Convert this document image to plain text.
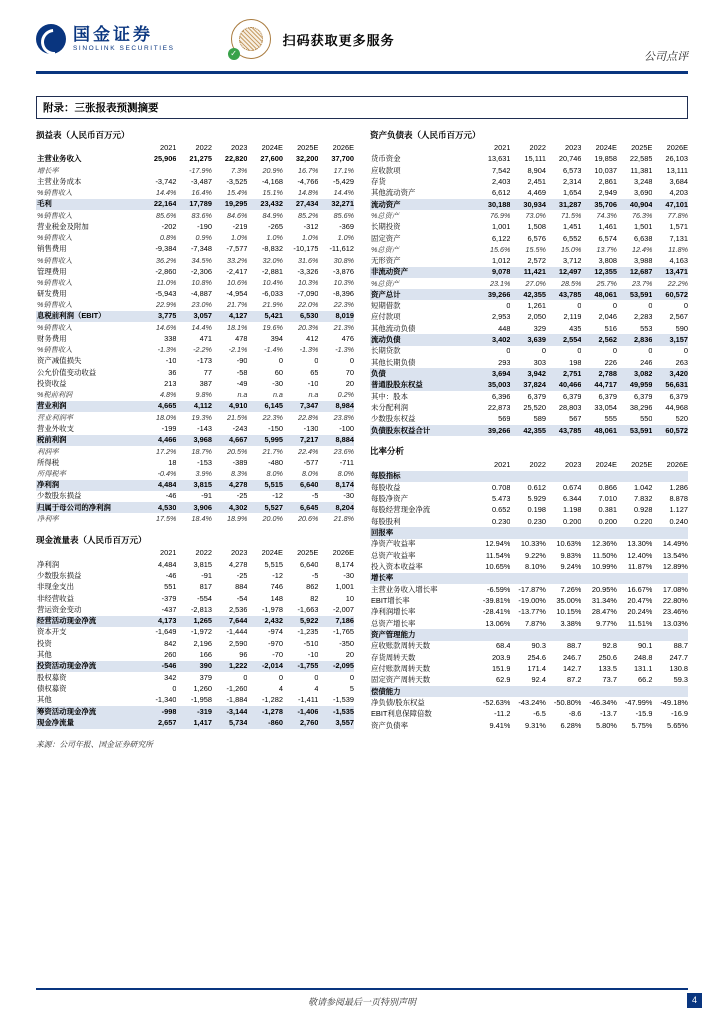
国金证券
SINOLINK SECURITIES
✓
扫码获取更多服务
公司点评
附录：三张报表预测摘要
损益表（人民币百万元）
	2021	2022	2023	2024E	2025E	2026E
主营业务收入	25,906	21,275	22,820	27,600	32,200	37,700
增长率		-17.9%	7.3%	20.9%	16.7%	17.1%
主营业务成本	-3,742	-3,487	-3,525	-4,168	-4,766	-5,429
%销售收入	14.4%	16.4%	15.4%	15.1%	14.8%	14.4%
毛利	22,164	17,789	19,295	23,432	27,434	32,271
%销售收入	85.6%	83.6%	84.6%	84.9%	85.2%	85.6%
营业税金及附加	-202	-190	-219	-265	-312	-369
%销售收入	0.8%	0.9%	1.0%	1.0%	1.0%	1.0%
销售费用	-9,384	-7,348	-7,577	-8,832	-10,175	-11,612
%销售收入	36.2%	34.5%	33.2%	32.0%	31.6%	30.8%
管理费用	-2,860	-2,306	-2,417	-2,881	-3,326	-3,876
%销售收入	11.0%	10.8%	10.6%	10.4%	10.3%	10.3%
研发费用	-5,943	-4,887	-4,954	-6,033	-7,090	-8,396
%销售收入	22.9%	23.0%	21.7%	21.9%	22.0%	22.3%
息税前利润（EBIT）	3,775	3,057	4,127	5,421	6,530	8,019
%销售收入	14.6%	14.4%	18.1%	19.6%	20.3%	21.3%
财务费用	338	471	478	394	412	476
%销售收入	-1.3%	-2.2%	-2.1%	-1.4%	-1.3%	-1.3%
资产减值损失	-10	-173	-90	0	0	0
公允价值变动收益	36	77	-58	60	65	70
投资收益	213	387	-49	-30	-10	20
%税前利润	4.8%	9.8%	n.a	n.a	n.a	0.2%
营业利润	4,665	4,112	4,910	6,145	7,347	8,984
营业利润率	18.0%	19.3%	21.5%	22.3%	22.8%	23.8%
营业外收支	-199	-143	-243	-150	-130	-100
税前利润	4,466	3,968	4,667	5,995	7,217	8,884
利润率	17.2%	18.7%	20.5%	21.7%	22.4%	23.6%
所得税	18	-153	-389	-480	-577	-711
所得税率	-0.4%	3.9%	8.3%	8.0%	8.0%	8.0%
净利润	4,484	3,815	4,278	5,515	6,640	8,174
少数股东损益	-46	-91	-25	-12	-5	-30
归属于母公司的净利润	4,530	3,906	4,302	5,527	6,645	8,204
净利率	17.5%	18.4%	18.9%	20.0%	20.6%	21.8%
现金流量表（人民币百万元）
	2021	2022	2023	2024E	2025E	2026E
净利润	4,484	3,815	4,278	5,515	6,640	8,174
少数股东损益	-46	-91	-25	-12	-5	-30
非现金支出	551	817	884	746	862	1,001
非经营收益	-379	-554	-54	148	82	10
营运资金变动	-437	-2,813	2,536	-1,978	-1,663	-2,007
经营活动现金净流	4,173	1,265	7,644	2,432	5,922	7,186
资本开支	-1,649	-1,972	-1,444	-974	-1,235	-1,765
投资	842	2,196	2,590	-970	-510	-350
其他	260	166	96	-70	-10	20
投资活动现金净流	-546	390	1,222	-2,014	-1,755	-2,095
股权募资	342	379	0	0	0	0
债权募资	0	1,260	-1,260	4	4	5
其他	-1,340	-1,958	-1,884	-1,282	-1,411	-1,539
筹资活动现金净流	-998	-319	-3,144	-1,278	-1,406	-1,535
现金净流量	2,657	1,417	5,734	-860	2,760	3,557
来源：公司年报、国金证券研究所
资产负债表（人民币百万元）
	2021	2022	2023	2024E	2025E	2026E
货币资金	13,631	15,111	20,746	19,858	22,585	26,103
应收款项	7,542	8,904	6,573	10,037	11,381	13,111
存货	2,403	2,451	2,314	2,861	3,248	3,684
其他流动资产	6,612	4,469	1,654	2,949	3,690	4,203
流动资产	30,188	30,934	31,287	35,706	40,904	47,101
%总资产	76.9%	73.0%	71.5%	74.3%	76.3%	77.8%
长期投资	1,001	1,508	1,451	1,461	1,501	1,571
固定资产	6,122	6,576	6,552	6,574	6,638	7,131
%总资产	15.6%	15.5%	15.0%	13.7%	12.4%	11.8%
无形资产	1,012	2,572	3,712	3,808	3,988	4,163
非流动资产	9,078	11,421	12,497	12,355	12,687	13,471
%总资产	23.1%	27.0%	28.5%	25.7%	23.7%	22.2%
资产总计	39,266	42,355	43,785	48,061	53,591	60,572
短期借款	0	1,261	0	0	0	0
应付款项	2,953	2,050	2,119	2,046	2,283	2,567
其他流动负债	448	329	435	516	553	590
流动负债	3,402	3,639	2,554	2,562	2,836	3,157
长期贷款	0	0	0	0	0	0
其他长期负债	293	303	198	226	246	263
负债	3,694	3,942	2,751	2,788	3,082	3,420
普通股股东权益	35,003	37,824	40,466	44,717	49,959	56,631
其中：股本	6,396	6,379	6,379	6,379	6,379	6,379
未分配利润	22,873	25,520	28,803	33,054	38,296	44,968
少数股东权益	569	589	567	555	550	520
负债股东权益合计	39,266	42,355	43,785	48,061	53,591	60,572
比率分析
	2021	2022	2023	2024E	2025E	2026E
每股指标						
每股收益	0.708	0.612	0.674	0.866	1.042	1.286
每股净资产	5.473	5.929	6.344	7.010	7.832	8.878
每股经营现金净流	0.652	0.198	1.198	0.381	0.928	1.127
每股股利	0.230	0.230	0.200	0.200	0.220	0.240
回报率						
净资产收益率	12.94%	10.33%	10.63%	12.36%	13.30%	14.49%
总资产收益率	11.54%	9.22%	9.83%	11.50%	12.40%	13.54%
投入资本收益率	10.65%	8.10%	9.24%	10.99%	11.87%	12.89%
增长率						
主营业务收入增长率	-6.59%	-17.87%	7.26%	20.95%	16.67%	17.08%
EBIT增长率	-39.81%	-19.00%	35.00%	31.34%	20.47%	22.80%
净利润增长率	-28.41%	-13.77%	10.15%	28.47%	20.24%	23.46%
总资产增长率	13.06%	7.87%	3.38%	9.77%	11.51%	13.03%
资产管理能力						
应收账款周转天数	68.4	90.3	88.7	92.8	90.1	88.7
存货周转天数	203.9	254.6	246.7	250.6	248.8	247.7
应付账款周转天数	151.9	171.4	142.7	133.5	131.1	130.8
固定资产周转天数	62.9	92.4	87.2	73.7	66.2	59.3
偿债能力						
净负债/股东权益	-52.63%	-43.24%	-50.80%	-46.34%	-47.99%	-49.18%
EBIT利息保障倍数	-11.2	-6.5	-8.6	-13.7	-15.9	-16.9
资产负债率	9.41%	9.31%	6.28%	5.80%	5.75%	5.65%
敬请参阅最后一页特别声明	4
